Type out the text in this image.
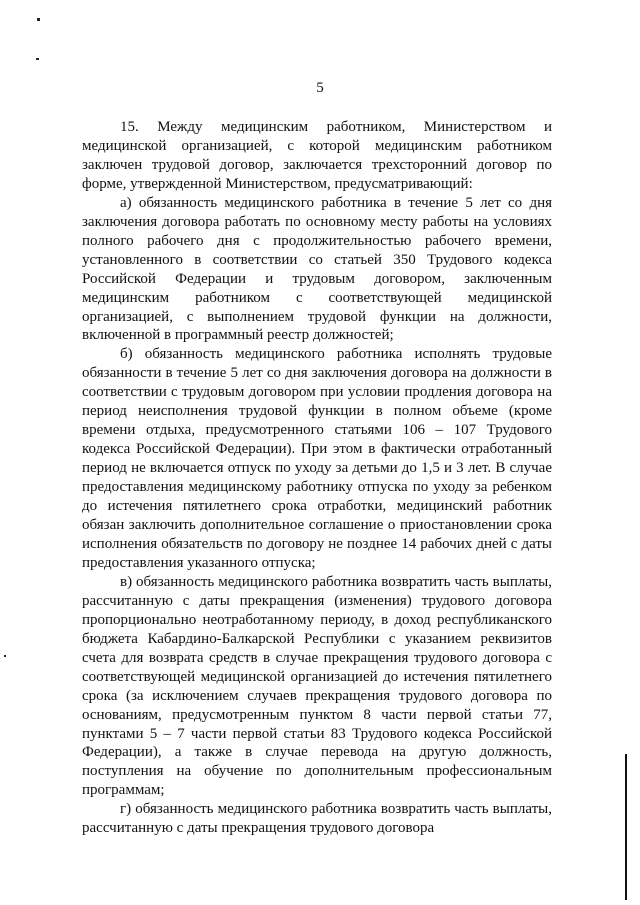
5

15. Между медицинским работником, Министерством и медицинской организацией, с которой медицинским работником заключен трудовой договор, заключается трехсторонний договор по форме, утвержденной Министерством, предусматривающий:

а) обязанность медицинского работника в течение 5 лет со дня заключения договора работать по основному месту работы на условиях полного рабочего дня с продолжительностью рабочего времени, установленного в соответствии со статьей 350 Трудового кодекса Российской Федерации и трудовым договором, заключенным медицинским работником с соответствующей медицинской организацией, с выполнением трудовой функции на должности, включенной в программный реестр должностей;

б) обязанность медицинского работника исполнять трудовые обязанности в течение 5 лет со дня заключения договора на должности в соответствии с трудовым договором при условии продления договора на период неисполнения трудовой функции в полном объеме (кроме времени отдыха, предусмотренного статьями 106 – 107 Трудового кодекса Российской Федерации). При этом в фактически отработанный период не включается отпуск по уходу за детьми до 1,5 и 3 лет. В случае предоставления медицинскому работнику отпуска по уходу за ребенком до истечения пятилетнего срока отработки, медицинский работник обязан заключить дополнительное соглашение о приостановлении срока исполнения обязательств по договору не позднее 14 рабочих дней с даты предоставления указанного отпуска;

в) обязанность медицинского работника возвратить часть выплаты, рассчитанную с даты прекращения (изменения) трудового договора пропорционально неотработанному периоду, в доход республиканского бюджета Кабардино-Балкарской Республики с указанием реквизитов счета для возврата средств в случае прекращения трудового договора с соответствующей медицинской организацией до истечения пятилетнего срока (за исключением случаев прекращения трудового договора по основаниям, предусмотренным пунктом 8 части первой статьи 77, пунктами 5 – 7 части первой статьи 83 Трудового кодекса Российской Федерации), а также в случае перевода на другую должность, поступления на обучение по дополнительным профессиональным программам;

г) обязанность медицинского работника возвратить часть выплаты, рассчитанную с даты прекращения трудового договора
